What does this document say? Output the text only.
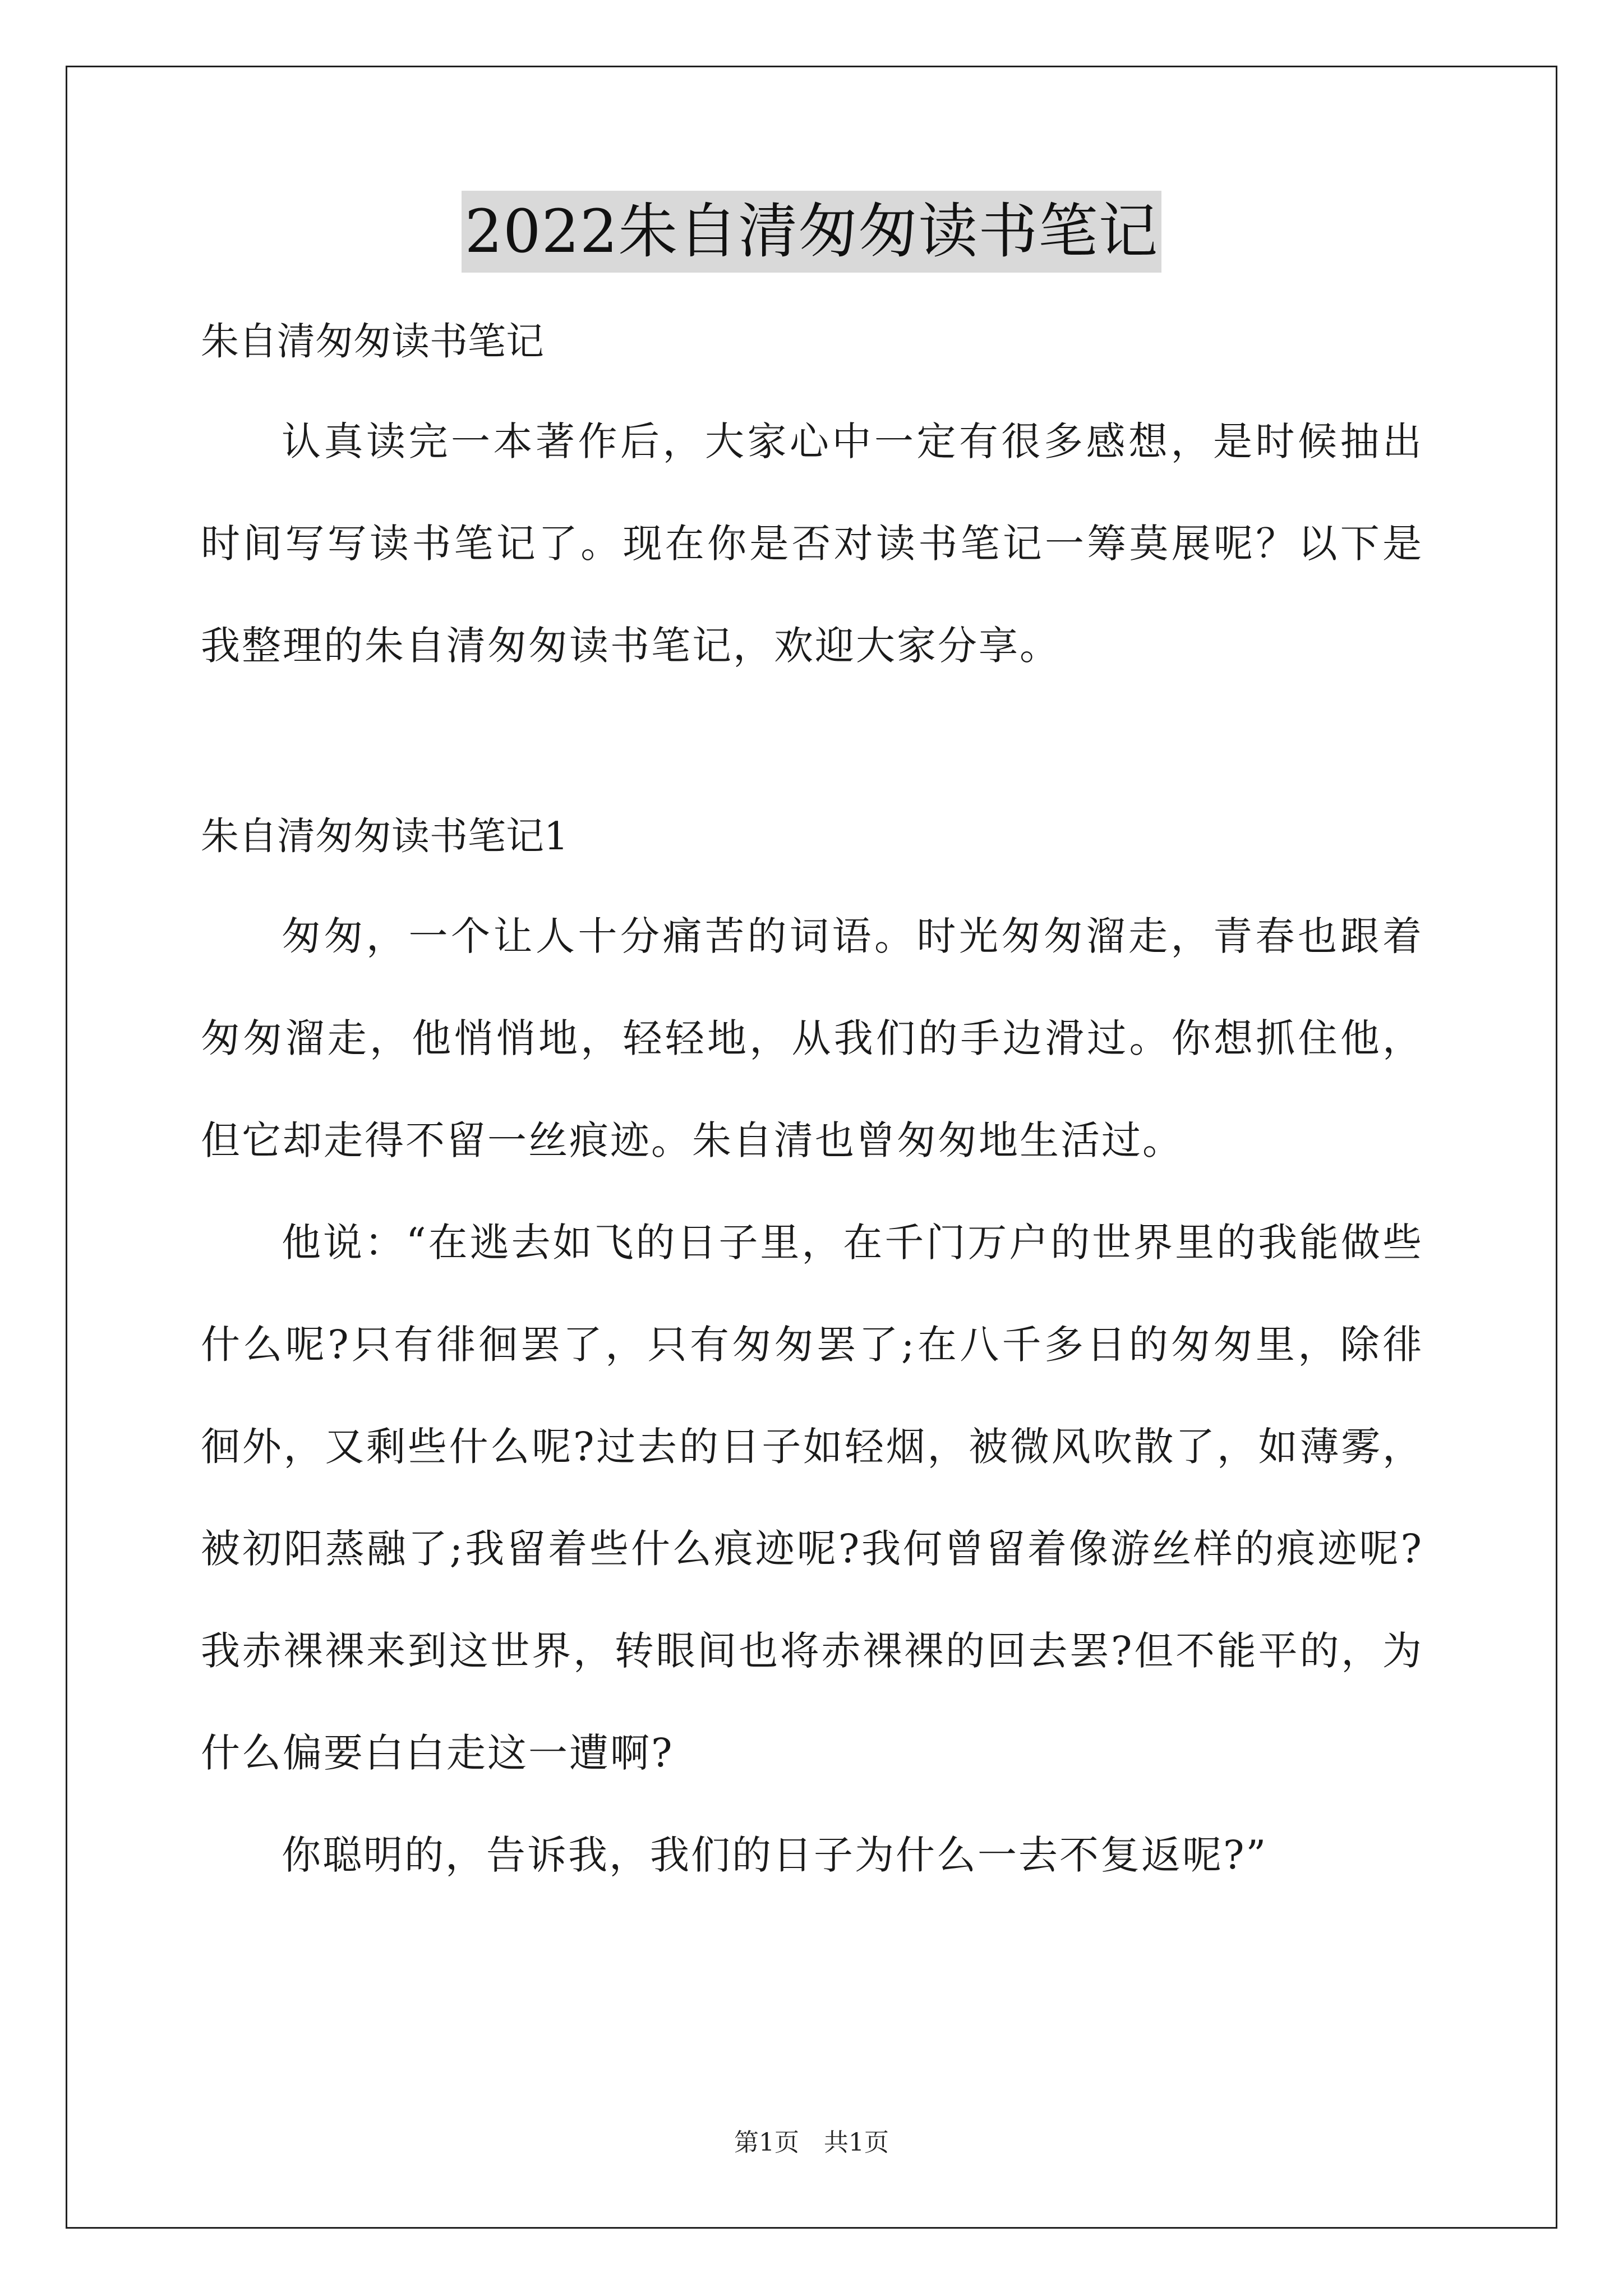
2022朱自清匆匆读书笔记

朱自清匆匆读书笔记

认真读完一本著作后，大家心中一定有很多感想，是时候抽出时间写写读书笔记了。现在你是否对读书笔记一筹莫展呢？以下是我整理的朱自清匆匆读书笔记，欢迎大家分享。

朱自清匆匆读书笔记1

匆匆，一个让人十分痛苦的词语。时光匆匆溜走，青春也跟着匆匆溜走，他悄悄地，轻轻地，从我们的手边滑过。你想抓住他，但它却走得不留一丝痕迹。朱自清也曾匆匆地生活过。

他说：“在逃去如飞的日子里，在千门万户的世界里的我能做些什么呢?只有徘徊罢了，只有匆匆罢了;在八千多日的匆匆里，除徘徊外，又剩些什么呢?过去的日子如轻烟，被微风吹散了，如薄雾，被初阳蒸融了;我留着些什么痕迹呢?我何曾留着像游丝样的痕迹呢?我赤裸裸来到这世界，转眼间也将赤裸裸的回去罢?但不能平的，为什么偏要白白走这一遭啊?

你聪明的，告诉我，我们的日子为什么一去不复返呢?”

第1页　共1页
